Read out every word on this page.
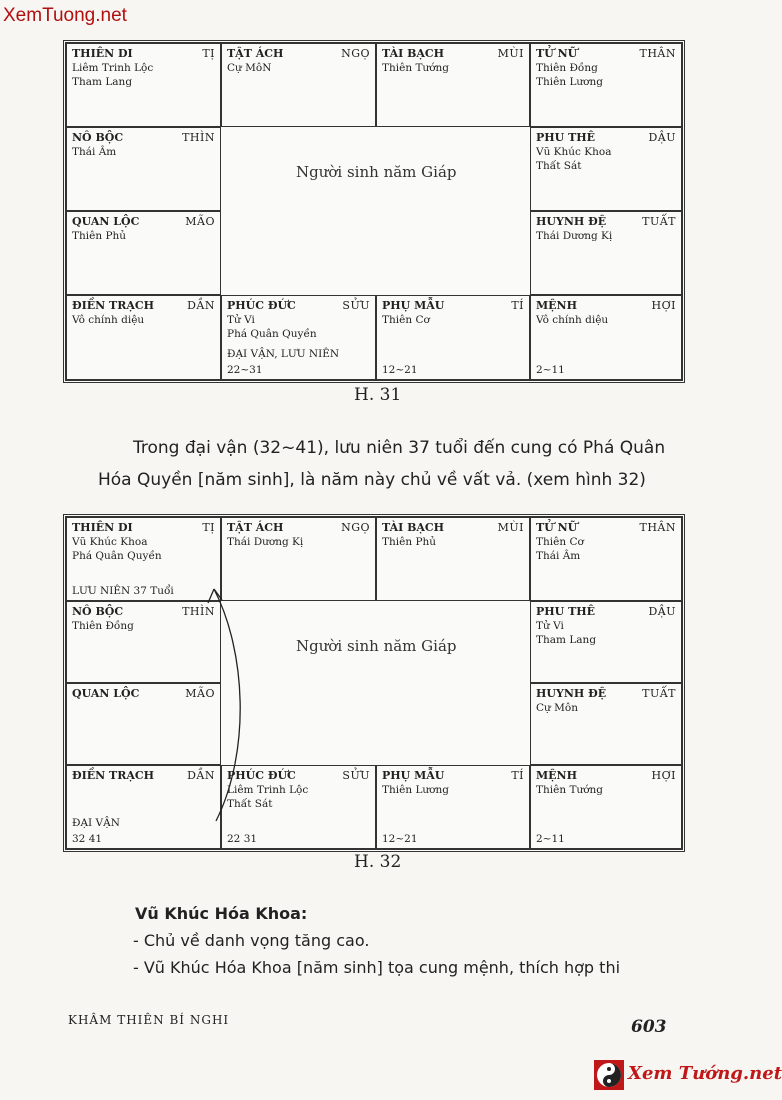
XemTuong.net
THIÊN DI	TỊ
Liêm Trinh Lộc
Tham Lang
TẬT ÁCH	NGỌ
Cự MôN
TÀI BẠCH	MÙI
Thiên Tướng
TỬ NỮ	THÂN
Thiên Đồng
Thiên Lương
NÔ BỘC	THÌN
Thái Âm
PHU THÊ	DẬU
Vũ Khúc Khoa
Thất Sát
QUAN LỘC	MÃO
Thiên Phủ
HUYNH ĐỆ	TUẤT
Thái Dương Kị
ĐIỀN TRẠCH	DẦN
Vô chính diệu
PHÚC ĐỨC	SỬU
Tử Vi
Phá Quân Quyền
ĐẠI VẬN, LƯU NIÊN
22~31
PHỤ MẪU	TÍ
Thiên Cơ
12~21
MỆNH	HỢI
Vô chính diệu
2~11
Người sinh năm Giáp
H. 31
Trong đại vận (32~41), lưu niên 37 tuổi đến cung có Phá Quân
Hóa Quyền [năm sinh], là năm này chủ về vất vả. (xem hình 32)
THIÊN DI	TỊ
Vũ Khúc Khoa
Phá Quân Quyền
LƯU NIÊN 37 Tuổi
TẬT ÁCH	NGỌ
Thái Dương Kị
TÀI BẠCH	MÙI
Thiên Phủ
TỬ NỮ	THÂN
Thiên Cơ
Thái Âm
NÔ BỘC	THÌN
Thiên Đồng
PHU THÊ	DẬU
Tử Vi
Tham Lang
QUAN LỘC	MÃO	HUYNH ĐỆ	TUẤT
Cự Môn
ĐIỀN TRẠCH	DẦN
ĐẠI VẬN
32 41
PHÚC ĐỨC	SỬU
Liêm Trinh Lộc
Thất Sát
22 31
PHỤ MẪU	TÍ
Thiên Lương
12~21
MỆNH	HỢI
Thiên Tướng
2~11
Người sinh năm Giáp
H. 32
Vũ Khúc Hóa Khoa:
- Chủ về danh vọng tăng cao.
- Vũ Khúc Hóa Khoa [năm sinh] tọa cung mệnh, thích hợp thi
KHÂM THIÊN BÍ NGHI	603
Xem Tướng.net
